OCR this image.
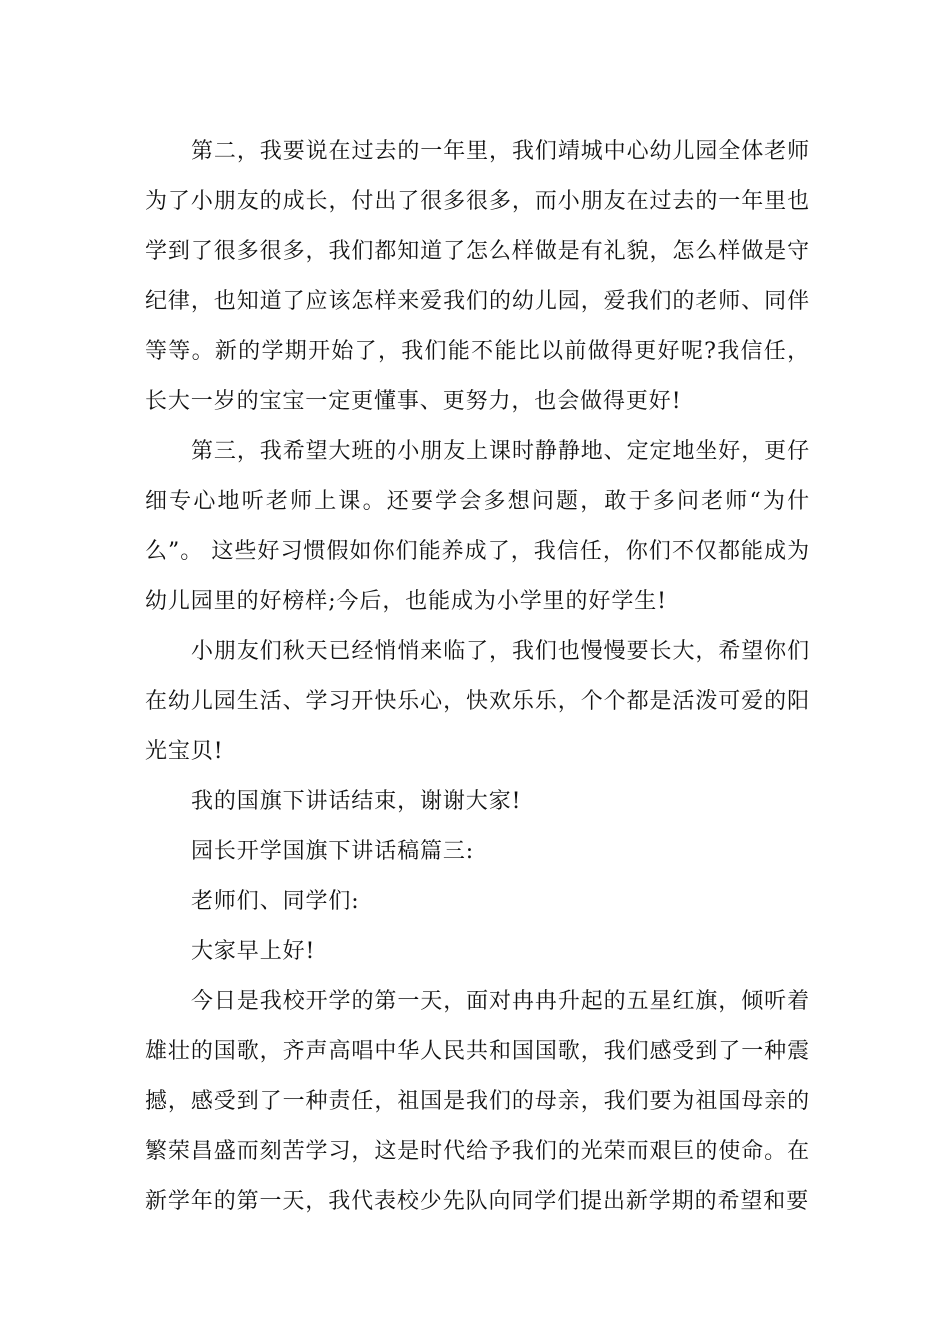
第二，我要说在过去的一年里，我们靖城中心幼儿园全体老师为了小朋友的成长，付出了很多很多，而小朋友在过去的一年里也学到了很多很多，我们都知道了怎么样做是有礼貌，怎么样做是守纪律，也知道了应该怎样来爱我们的幼儿园，爱我们的老师、同伴等等。新的学期开始了，我们能不能比以前做得更好呢?我信任，长大一岁的宝宝一定更懂事、更努力，也会做得更好!

第三，我希望大班的小朋友上课时静静地、定定地坐好，更仔细专心地听老师上课。还要学会多想问题，敢于多问老师“为什么”。 这些好习惯假如你们能养成了，我信任，你们不仅都能成为幼儿园里的好榜样;今后，也能成为小学里的好学生!

小朋友们秋天已经悄悄来临了，我们也慢慢要长大，希望你们在幼儿园生活、学习开快乐心，快欢乐乐，个个都是活泼可爱的阳光宝贝!

我的国旗下讲话结束，谢谢大家!

园长开学国旗下讲话稿篇三:

老师们、同学们:

大家早上好!

今日是我校开学的第一天，面对冉冉升起的五星红旗，倾听着雄壮的国歌，齐声高唱中华人民共和国国歌，我们感受到了一种震撼，感受到了一种责任，祖国是我们的母亲，我们要为祖国母亲的繁荣昌盛而刻苦学习，这是时代给予我们的光荣而艰巨的使命。在新学年的第一天，我代表校少先队向同学们提出新学期的希望和要
